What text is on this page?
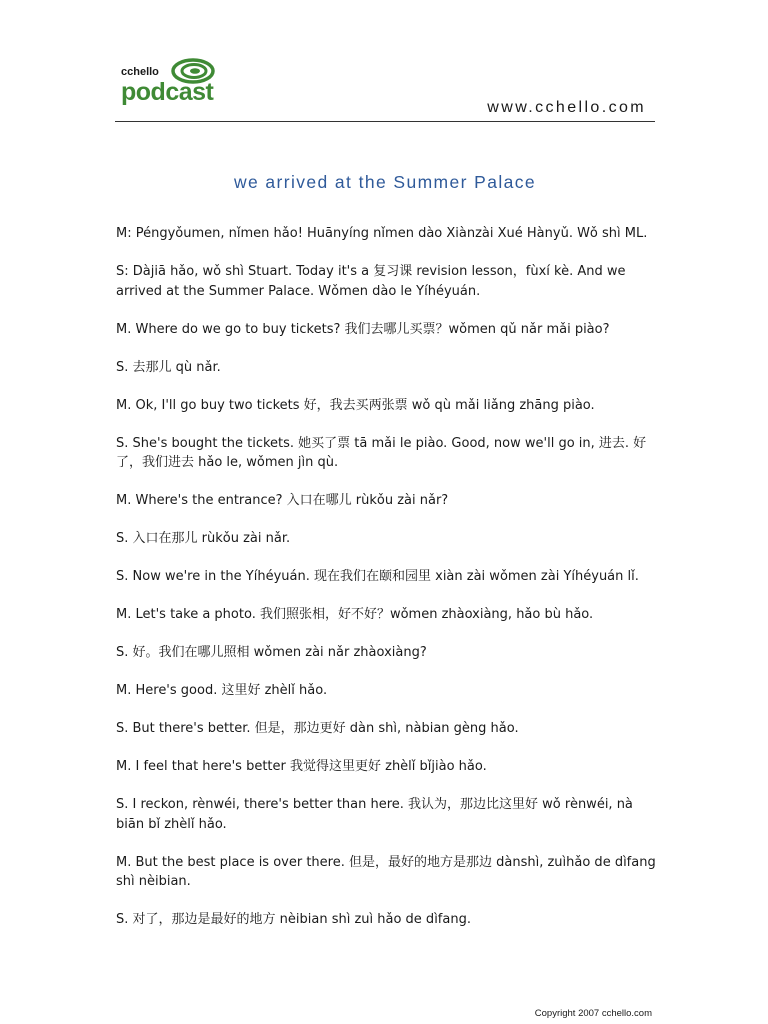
cchello
podcast
www.cchello.com
we arrived at the Summer Palace

M: Péngyǒumen, nǐmen hǎo! Huānyíng nǐmen dào Xiànzài Xué Hànyǔ. Wǒ shì ML.

S: Dàjiā hǎo, wǒ shì Stuart. Today it's a 复习课 revision lesson，fùxí kè. And we arrived at the Summer Palace. Wǒmen dào le Yíhéyuán.

M. Where do we go to buy tickets? 我们去哪儿买票？wǒmen qǔ nǎr mǎi piào?

S. 去那儿 qù nǎr.

M. Ok, I'll go buy two tickets 好，我去买两张票 wǒ qù mǎi liǎng zhāng piào.

S. She's bought the tickets. 她买了票 tā mǎi le piào. Good, now we'll go in, 进去. 好了，我们进去 hǎo le, wǒmen jìn qù.

M. Where's the entrance? 入口在哪儿 rùkǒu zài nǎr?

S. 入口在那儿 rùkǒu zài nǎr.

S. Now we're in the Yíhéyuán. 现在我们在颐和园里 xiàn zài wǒmen zài Yíhéyuán lǐ.

M. Let's take a photo. 我们照张相，好不好？wǒmen zhàoxiàng, hǎo bù hǎo.

S. 好。我们在哪儿照相 wǒmen zài nǎr zhàoxiàng?

M. Here's good. 这里好 zhèlǐ hǎo.

S. But there's better. 但是，那边更好 dàn shì, nàbian gèng hǎo.

M. I feel that here's better 我觉得这里更好 zhèlǐ bǐjiào hǎo.

S. I reckon, rènwéi, there's better than here. 我认为，那边比这里好 wǒ rènwéi, nà biān bǐ zhèlǐ hǎo.

M. But the best place is over there. 但是，最好的地方是那边 dànshì, zuìhǎo de dìfang shì nèibian.

S. 对了，那边是最好的地方 nèibian shì zuì hǎo de dìfang.

Copyright 2007 cchello.com
